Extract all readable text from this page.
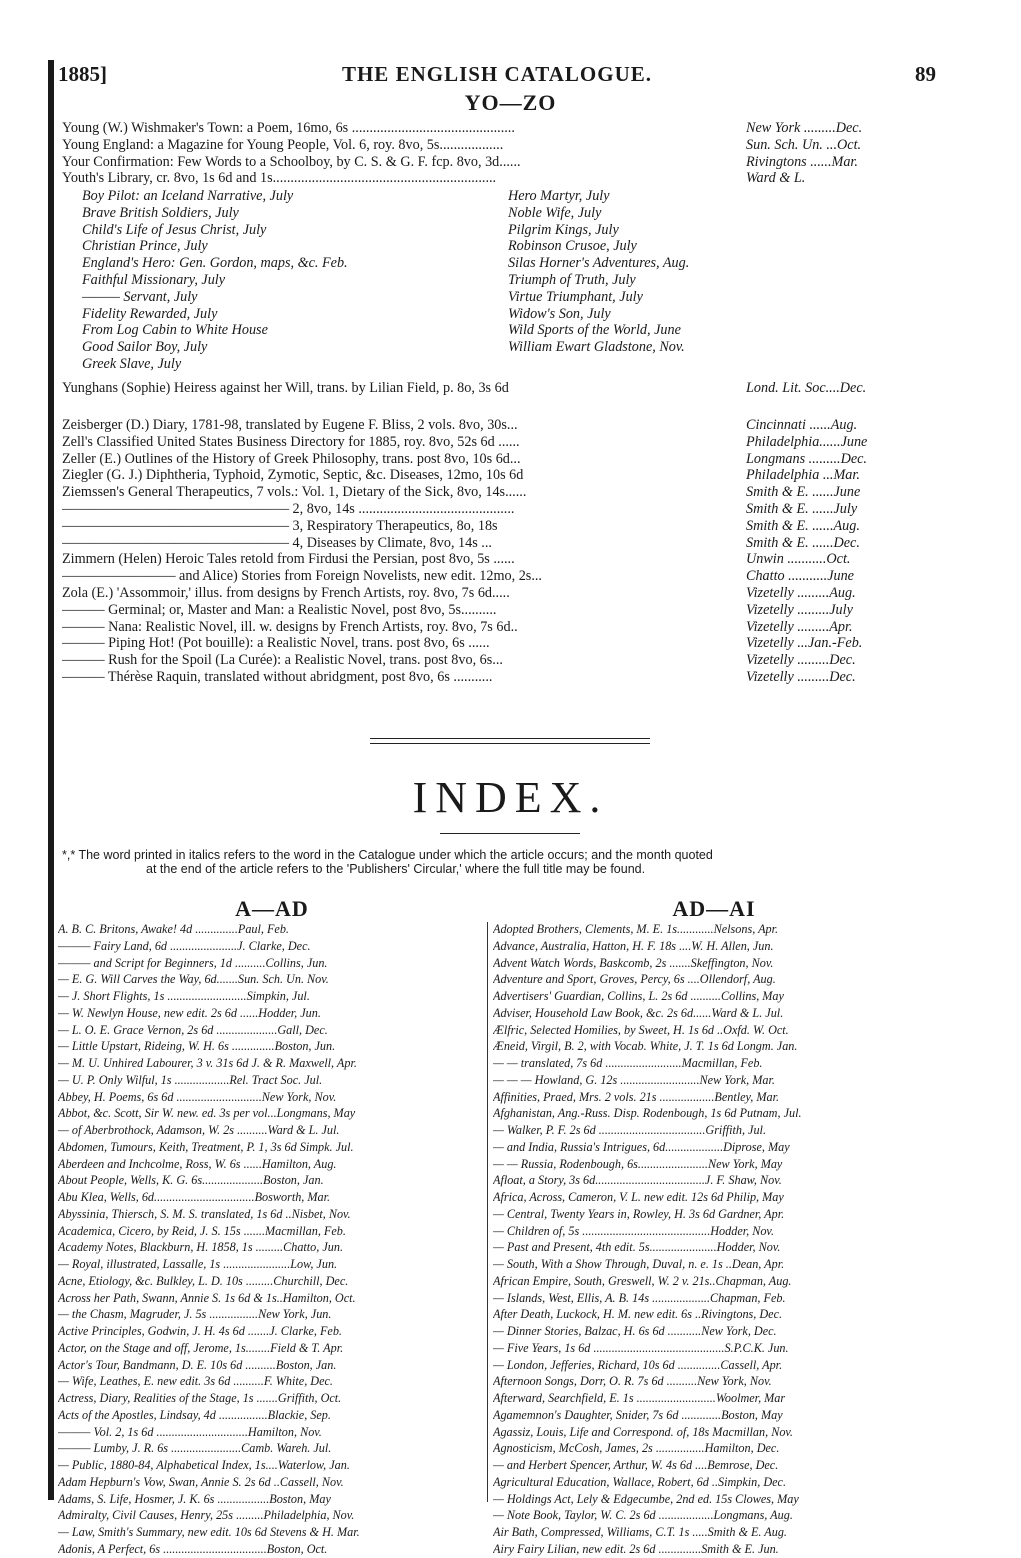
1885]	THE ENGLISH CATALOGUE.	89
YO—ZO
Young (W.) Wishmaker's Town: a Poem, 16mo, 6s ..............................................	New York .........Dec.
Young England: a Magazine for Young People, Vol. 6, roy. 8vo, 5s..................	Sun. Sch. Un. ...Oct.
Your Confirmation: Few Words to a Schoolboy, by C. S. & G. F. fcp. 8vo, 3d......	Rivingtons ......Mar.
Youth's Library, cr. 8vo, 1s 6d and 1s...............................................................	Ward & L.
Boy Pilot: an Iceland Narrative, July
Brave British Soldiers, July
Child's Life of Jesus Christ, July
Christian Prince, July
England's Hero: Gen. Gordon, maps, &c. Feb.
Faithful Missionary, July
——— Servant, July
Fidelity Rewarded, July
From Log Cabin to White House
Good Sailor Boy, July
Greek Slave, July
Hero Martyr, July
Noble Wife, July
Pilgrim Kings, July
Robinson Crusoe, July
Silas Horner's Adventures, Aug.
Triumph of Truth, July
Virtue Triumphant, July
Widow's Son, July
Wild Sports of the World, June
William Ewart Gladstone, Nov.
Yunghans (Sophie) Heiress against her Will, trans. by Lilian Field, p. 8o, 3s 6d	Lond. Lit. Soc....Dec.
Zeisberger (D.) Diary, 1781-98, translated by Eugene F. Bliss, 2 vols. 8vo, 30s...	Cincinnati ......Aug.
Zell's Classified United States Business Directory for 1885, roy. 8vo, 52s 6d ......	Philadelphia......June
Zeller (E.) Outlines of the History of Greek Philosophy, trans. post 8vo, 10s 6d...	Longmans .........Dec.
Ziegler (G. J.) Diphtheria, Typhoid, Zymotic, Septic, &c. Diseases, 12mo, 10s 6d	Philadelphia ...Mar.
Ziemssen's General Therapeutics, 7 vols.: Vol. 1, Dietary of the Sick, 8vo, 14s......	Smith & E. ......June
———————————————— 2, 8vo, 14s ............................................	Smith & E. ......July
———————————————— 3, Respiratory Therapeutics, 8o, 18s	Smith & E. ......Aug.
———————————————— 4, Diseases by Climate, 8vo, 14s ...	Smith & E. ......Dec.
Zimmern (Helen) Heroic Tales retold from Firdusi the Persian, post 8vo, 5s ......	Unwin ...........Oct.
———————— and Alice) Stories from Foreign Novelists, new edit. 12mo, 2s...	Chatto ...........June
Zola (E.) 'Assommoir,' illus. from designs by French Artists, roy. 8vo, 7s 6d.....	Vizetelly .........Aug.
——— Germinal; or, Master and Man: a Realistic Novel, post 8vo, 5s..........	Vizetelly .........July
——— Nana: Realistic Novel, ill. w. designs by French Artists, roy. 8vo, 7s 6d..	Vizetelly .........Apr.
——— Piping Hot! (Pot bouille): a Realistic Novel, trans. post 8vo, 6s ......	Vizetelly ...Jan.-Feb.
——— Rush for the Spoil (La Curée): a Realistic Novel, trans. post 8vo, 6s...	Vizetelly .........Dec.
——— Thérèse Raquin, translated without abridgment, post 8vo, 6s ...........	Vizetelly .........Dec.
INDEX.
*,* The word printed in italics refers to the word in the Catalogue under which the article occurs; and the month quoted
at the end of the article refers to the 'Publishers' Circular,' where the full title may be found.
A—AD	AD—AI
A. B. C. Britons, Awake! 4d ..............Paul, Feb.
——— Fairy Land, 6d ......................J. Clarke, Dec.
——— and Script for Beginners, 1d ..........Collins, Jun.
— E. G. Will Carves the Way, 6d.......Sun. Sch. Un. Nov.
— J. Short Flights, 1s ..........................Simpkin, Jul.
— W. Newlyn House, new edit. 2s 6d ......Hodder, Jun.
— L. O. E. Grace Vernon, 2s 6d ....................Gall, Dec.
— Little Upstart, Rideing, W. H. 6s ..............Boston, Jun.
— M. U. Unhired Labourer, 3 v. 31s 6d J. & R. Maxwell, Apr.
— U. P. Only Wilful, 1s ..................Rel. Tract Soc. Jul.
Abbey, H. Poems, 6s 6d ............................New York, Nov.
Abbot, &c. Scott, Sir W. new. ed. 3s per vol...Longmans, May
— of Aberbrothock, Adamson, W. 2s ..........Ward & L. Jul.
Abdomen, Tumours, Keith, Treatment, P. 1, 3s 6d Simpk. Jul.
Aberdeen and Inchcolme, Ross, W. 6s ......Hamilton, Aug.
About People, Wells, K. G. 6s....................Boston, Jan.
Abu Klea, Wells, 6d.................................Bosworth, Mar.
Abyssinia, Thiersch, S. M. S. translated, 1s 6d ..Nisbet, Nov.
Academica, Cicero, by Reid, J. S. 15s .......Macmillan, Feb.
Academy Notes, Blackburn, H. 1858, 1s .........Chatto, Jun.
— Royal, illustrated, Lassalle, 1s ......................Low, Jun.
Acne, Etiology, &c. Bulkley, L. D. 10s .........Churchill, Dec.
Across her Path, Swann, Annie S. 1s 6d & 1s..Hamilton, Oct.
— the Chasm, Magruder, J. 5s ................New York, Jun.
Active Principles, Godwin, J. H. 4s 6d .......J. Clarke, Feb.
Actor, on the Stage and off, Jerome, 1s........Field & T. Apr.
Actor's Tour, Bandmann, D. E. 10s 6d ..........Boston, Jan.
— Wife, Leathes, E. new edit. 3s 6d ..........F. White, Dec.
Actress, Diary, Realities of the Stage, 1s .......Griffith, Oct.
Acts of the Apostles, Lindsay, 4d ................Blackie, Sep.
——— Vol. 2, 1s 6d ..............................Hamilton, Nov.
——— Lumby, J. R. 6s .......................Camb. Wareh. Jul.
— Public, 1880-84, Alphabetical Index, 1s....Waterlow, Jan.
Adam Hepburn's Vow, Swan, Annie S. 2s 6d ..Cassell, Nov.
Adams, S. Life, Hosmer, J. K. 6s .................Boston, May
Admiralty, Civil Causes, Henry, 25s .........Philadelphia, Nov.
— Law, Smith's Summary, new edit. 10s 6d Stevens & H. Mar.
Adonis, A Perfect, 6s ..................................Boston, Oct.
Adopted Brothers, Clements, M. E. 1s............Nelsons, Apr.
Advance, Australia, Hatton, H. F. 18s ....W. H. Allen, Jun.
Advent Watch Words, Baskcomb, 2s .......Skeffington, Nov.
Adventure and Sport, Groves, Percy, 6s ....Ollendorf, Aug.
Advertisers' Guardian, Collins, L. 2s 6d ..........Collins, May
Adviser, Household Law Book, &c. 2s 6d......Ward & L. Jul.
Ælfric, Selected Homilies, by Sweet, H. 1s 6d ..Oxfd. W. Oct.
Æneid, Virgil, B. 2, with Vocab. White, J. T. 1s 6d Longm. Jan.
— — translated, 7s 6d .........................Macmillan, Feb.
— — — Howland, G. 12s ..........................New York, Mar.
Affinities, Praed, Mrs. 2 vols. 21s ..................Bentley, Mar.
Afghanistan, Ang.-Russ. Disp. Rodenbough, 1s 6d Putnam, Jul.
— Walker, P. F. 2s 6d ...................................Griffith, Jul.
— and India, Russia's Intrigues, 6d...................Diprose, May
— — Russia, Rodenbough, 6s.......................New York, May
Afloat, a Story, 3s 6d....................................J. F. Shaw, Nov.
Africa, Across, Cameron, V. L. new edit. 12s 6d Philip, May
— Central, Twenty Years in, Rowley, H. 3s 6d Gardner, Apr.
— Children of, 5s ..........................................Hodder, Nov.
— Past and Present, 4th edit. 5s......................Hodder, Nov.
— South, With a Show Through, Duval, n. e. 1s ..Dean, Apr.
African Empire, South, Greswell, W. 2 v. 21s..Chapman, Aug.
— Islands, West, Ellis, A. B. 14s ...................Chapman, Feb.
After Death, Luckock, H. M. new edit. 6s ..Rivingtons, Dec.
— Dinner Stories, Balzac, H. 6s 6d ...........New York, Dec.
— Five Years, 1s 6d ...........................................S.P.C.K. Jun.
— London, Jefferies, Richard, 10s 6d ..............Cassell, Apr.
Afternoon Songs, Dorr, O. R. 7s 6d ..........New York, Nov.
Afterward, Searchfield, E. 1s ..........................Woolmer, Mar
Agamemnon's Daughter, Snider, 7s 6d .............Boston, May
Agassiz, Louis, Life and Correspond. of, 18s Macmillan, Nov.
Agnosticism, McCosh, James, 2s ................Hamilton, Dec.
— and Herbert Spencer, Arthur, W. 4s 6d ....Bemrose, Dec.
Agricultural Education, Wallace, Robert, 6d ..Simpkin, Dec.
— Holdings Act, Lely & Edgecumbe, 2nd ed. 15s Clowes, May
— Note Book, Taylor, W. C. 2s 6d ..................Longmans, Aug.
Air Bath, Compressed, Williams, C.T. 1s .....Smith & E. Aug.
Airy Fairy Lilian, new edit. 2s 6d ..............Smith & E. Jun.
